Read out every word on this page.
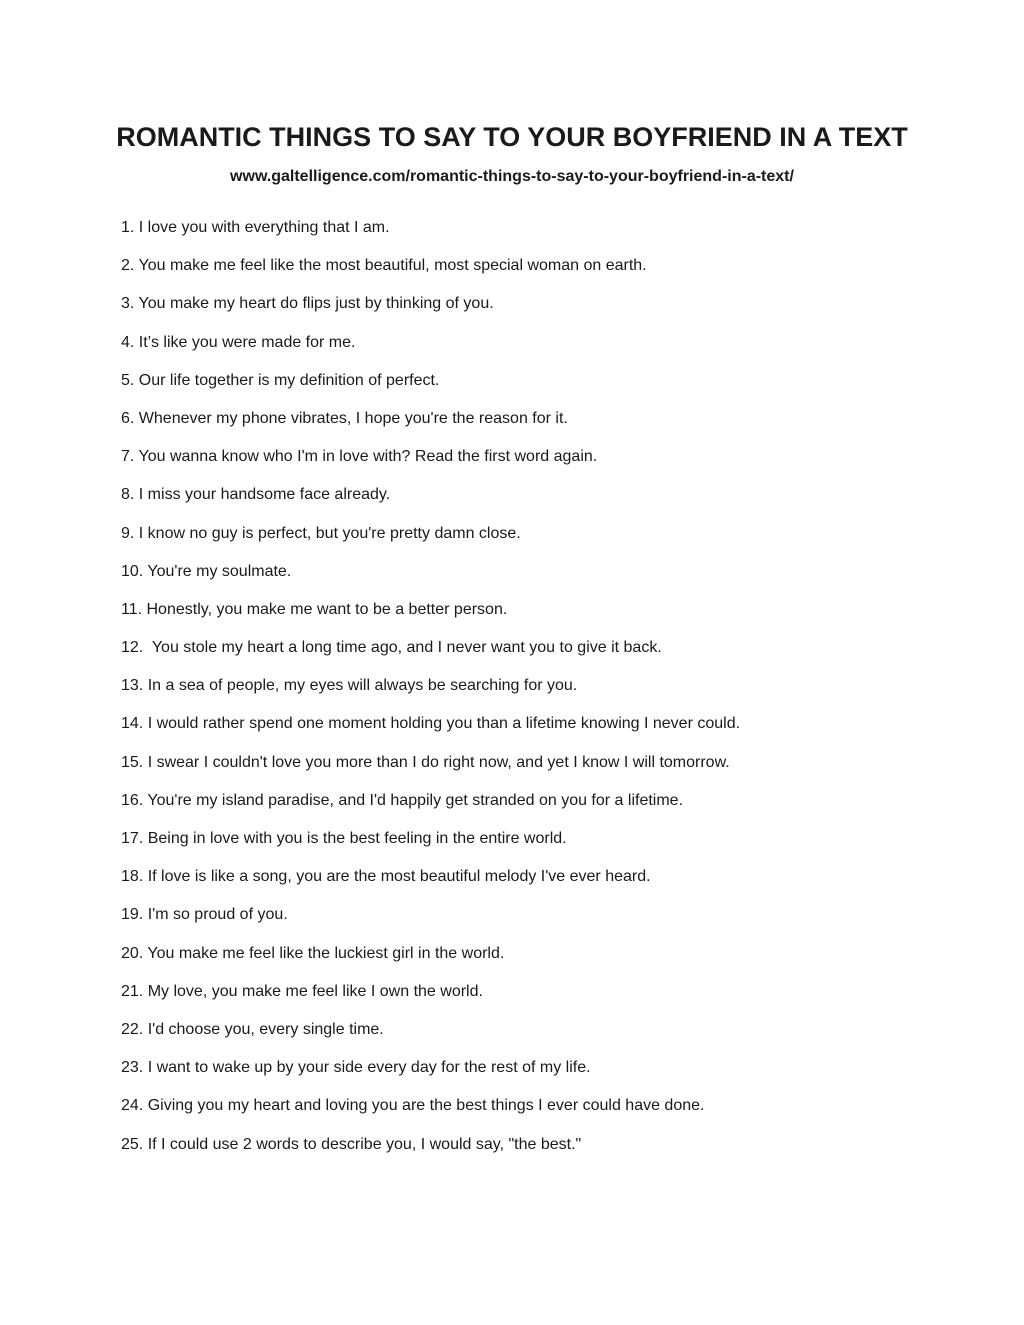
ROMANTIC THINGS TO SAY TO YOUR BOYFRIEND IN A TEXT
www.galtelligence.com/romantic-things-to-say-to-your-boyfriend-in-a-text/
1. I love you with everything that I am.
2. You make me feel like the most beautiful, most special woman on earth.
3. You make my heart do flips just by thinking of you.
4. It’s like you were made for me.
5. Our life together is my definition of perfect.
6. Whenever my phone vibrates, I hope you're the reason for it.
7. You wanna know who I'm in love with? Read the first word again.
8. I miss your handsome face already.
9. I know no guy is perfect, but you're pretty damn close.
10. You're my soulmate.
11. Honestly, you make me want to be a better person.
12.  You stole my heart a long time ago, and I never want you to give it back.
13. In a sea of people, my eyes will always be searching for you.
14. I would rather spend one moment holding you than a lifetime knowing I never could.
15. I swear I couldn't love you more than I do right now, and yet I know I will tomorrow.
16. You're my island paradise, and I'd happily get stranded on you for a lifetime.
17. Being in love with you is the best feeling in the entire world.
18. If love is like a song, you are the most beautiful melody I've ever heard.
19. I'm so proud of you.
20. You make me feel like the luckiest girl in the world.
21. My love, you make me feel like I own the world.
22. I'd choose you, every single time.
23. I want to wake up by your side every day for the rest of my life.
24. Giving you my heart and loving you are the best things I ever could have done.
25. If I could use 2 words to describe you, I would say, "the best."
